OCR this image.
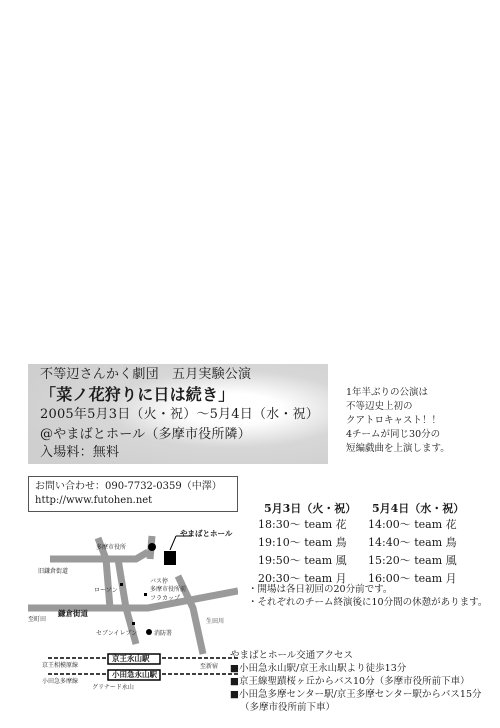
不等辺さんかく劇団　五月実験公演
「菜ノ花狩りに日は続き」
2005年5月3日（火・祝）〜5月4日（水・祝）
@やまばとホール（多摩市役所隣）
入場料：無料
1年半ぶりの公演は
不等辺史上初の
クアトロキャスト！！
4チームが同じ30分の
短編戯曲を上演します。
お問い合わせ：090-7732-0359（中澤）
http://www.futohen.net
5月3日（火・祝） 5月4日（水・祝）
18:30〜 team 花
19:10〜 team 鳥
19:50〜 team 風
20:30〜 team 月
14:00〜 team 花
14:40〜 team 鳥
15:20〜 team 風
16:00〜 team 月
・開場は各日初回の20分前です。
・それぞれのチーム終演後に10分間の休憩があります。
やまばとホール交通アクセス
■小田急永山駅/京王永山駅より徒歩13分
■京王線聖蹟桜ヶ丘からバス10分（多摩市役所前下車）
■小田急多摩センター駅/京王多摩センター駅からバス15分
（多摩市役所前下車）
やまばとホール
多摩市役所
旧鎌倉街道
ローソン
バス停
多摩市役所前
フラカップ
鎌倉街道
至町田
セブンイレブン	消防署
生田川
京王永山駅
小田急永山駅
京王相模原線
小田急多摩線
至新宿
グリナード永山
